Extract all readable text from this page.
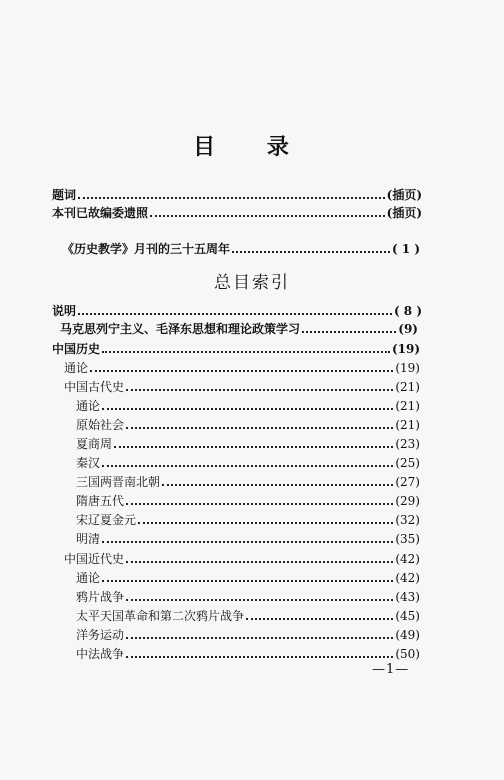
目 录
题词	(插页)
本刊已故编委遗照	(插页)
《历史教学》月刊的三十五周年	( 1 )
总目索引
说明	( 8 )
马克思列宁主义、毛泽东思想和理论政策学习	(9)
中国历史	(19)
通论	(19)
中国古代史	(21)
通论	(21)
原始社会	(21)
夏商周	(23)
秦汉	(25)
三国两晋南北朝	(27)
隋唐五代	(29)
宋辽夏金元	(32)
明清	(35)
中国近代史	(42)
通论	(42)
鸦片战争	(43)
太平天国革命和第二次鸦片战争	(45)
洋务运动	(49)
中法战争	(50)
—1—
